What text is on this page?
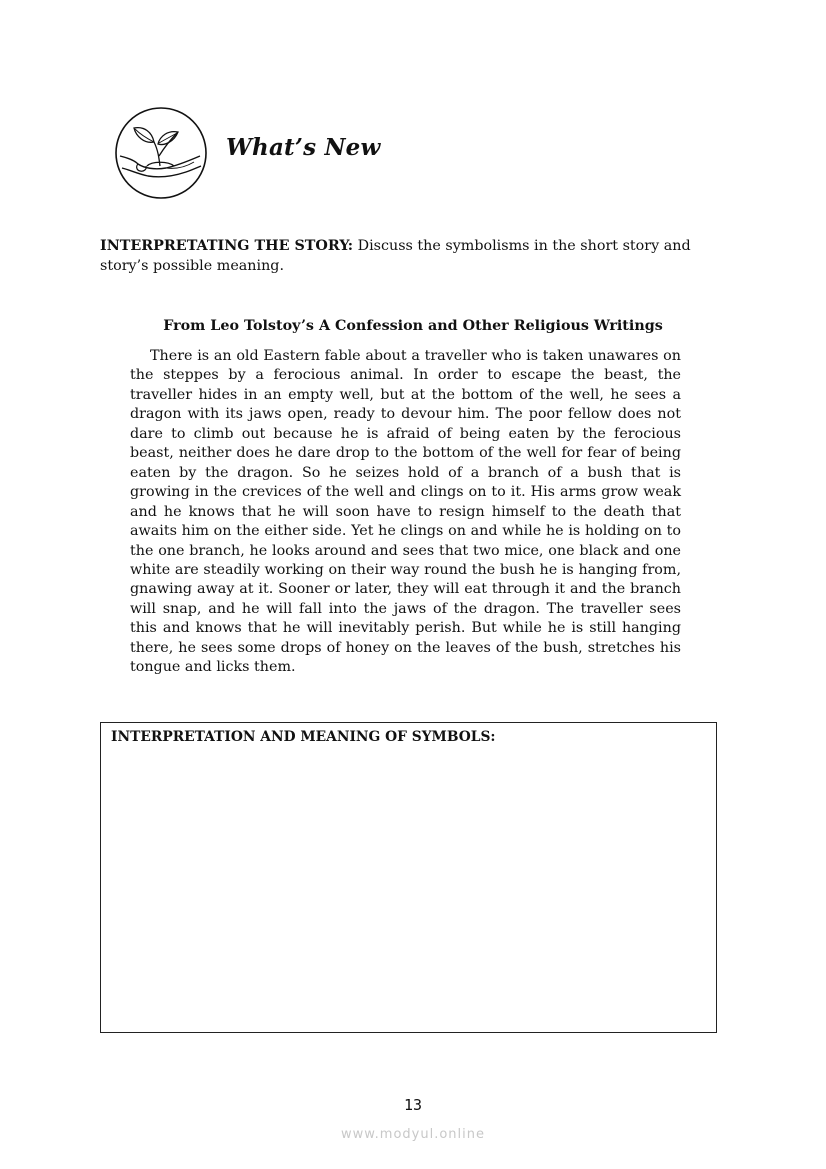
What’s New
INTERPRETATING THE STORY: Discuss the symbolisms in the short story and story’s possible meaning.
From Leo Tolstoy’s A Confession and Other Religious Writings

There is an old Eastern fable about a traveller who is taken unawares on the steppes by a ferocious animal. In order to escape the beast, the traveller hides in an empty well, but at the bottom of the well, he sees a dragon with its jaws open, ready to devour him. The poor fellow does not dare to climb out because he is afraid of being eaten by the ferocious beast, neither does he dare drop to the bottom of the well for fear of being eaten by the dragon. So he seizes hold of a branch of a bush that is growing in the crevices of the well and clings on to it. His arms grow weak and he knows that he will soon have to resign himself to the death that awaits him on the either side. Yet he clings on and while he is holding on to the one branch, he looks around and sees that two mice, one black and one white are steadily working on their way round the bush he is hanging from, gnawing away at it. Sooner or later, they will eat through it and the branch will snap, and he will fall into the jaws of the dragon. The traveller sees this and knows that he will inevitably perish. But while he is still hanging there, he sees some drops of honey on the leaves of the bush, stretches his tongue and licks them.

INTERPRETATION AND MEANING OF SYMBOLS:
13
www.modyul.online
